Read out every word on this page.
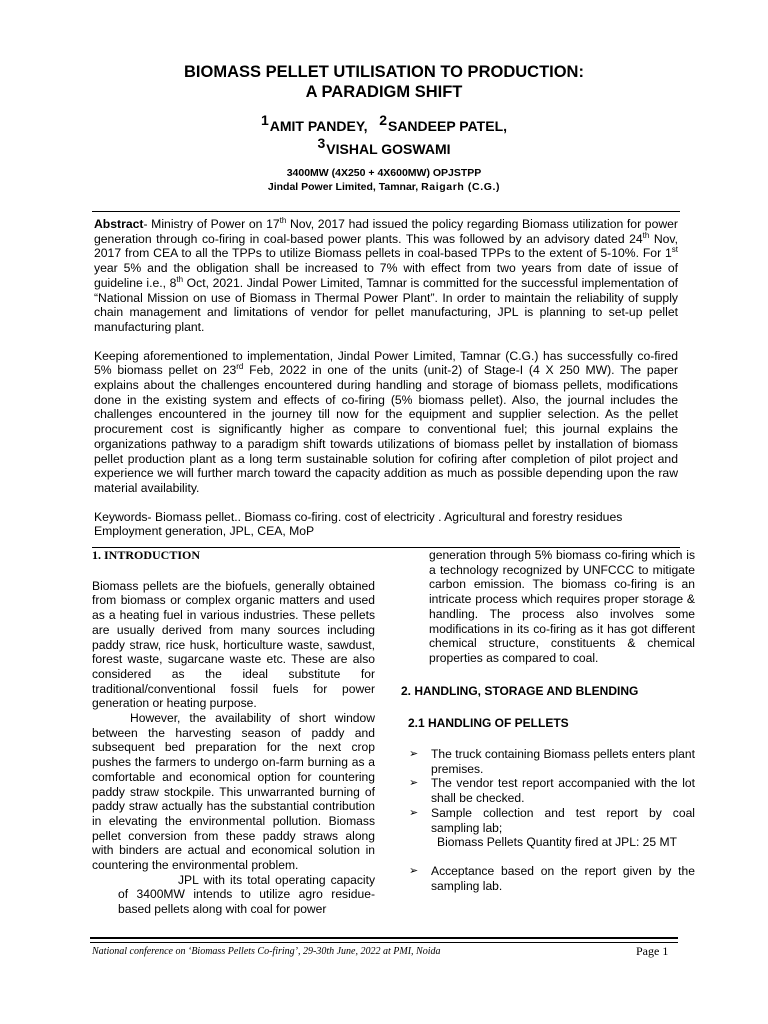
BIOMASS PELLET UTILISATION TO PRODUCTION:
A PARADIGM SHIFT
$^1$AMIT PANDEY, $^2$SANDEEP PATEL,
$^3$VISHAL GOSWAMI
3400MW (4X250 + 4X600MW) OPJSTPP
Jindal Power Limited, Tamnar, Raigarh (C.G.)

Abstract- Ministry of Power on 17th Nov, 2017 had issued the policy regarding Biomass utilization for power generation through co-firing in coal-based power plants. This was followed by an advisory dated 24th Nov, 2017 from CEA to all the TPPs to utilize Biomass pellets in coal-based TPPs to the extent of 5-10%. For 1st year 5% and the obligation shall be increased to 7% with effect from two years from date of issue of guideline i.e., 8th Oct, 2021. Jindal Power Limited, Tamnar is committed for the successful implementation of “National Mission on use of Biomass in Thermal Power Plant”. In order to maintain the reliability of supply chain management and limitations of vendor for pellet manufacturing, JPL is planning to set-up pellet manufacturing plant.

Keeping aforementioned to implementation, Jindal Power Limited, Tamnar (C.G.) has successfully co-fired 5% biomass pellet on 23rd Feb, 2022 in one of the units (unit-2) of Stage-I (4 X 250 MW). The paper explains about the challenges encountered during handling and storage of biomass pellets, modifications done in the existing system and effects of co-firing (5% biomass pellet). Also, the journal includes the challenges encountered in the journey till now for the equipment and supplier selection. As the pellet procurement cost is significantly higher as compare to conventional fuel; this journal explains the organizations pathway to a paradigm shift towards utilizations of biomass pellet by installation of biomass pellet production plant as a long term sustainable solution for cofiring after completion of pilot project and experience we will further march toward the capacity addition as much as possible depending upon the raw material availability.

Keywords- Biomass pellet.. Biomass co-firing. cost of electricity . Agricultural and forestry residues
Employment generation, JPL, CEA, MoP
1. INTRODUCTION

Biomass pellets are the biofuels, generally obtained from biomass or complex organic matters and used as a heating fuel in various industries. These pellets are usually derived from many sources including paddy straw, rice husk, horticulture waste, sawdust, forest waste, sugarcane waste etc. These are also considered as the ideal substitute for traditional/conventional fossil fuels for power generation or heating purpose.

However, the availability of short window between the harvesting season of paddy and subsequent bed preparation for the next crop pushes the farmers to undergo on-farm burning as a comfortable and economical option for countering paddy straw stockpile. This unwarranted burning of paddy straw actually has the substantial contribution in elevating the environmental pollution. Biomass pellet conversion from these paddy straws along with binders are actual and economical solution in countering the environmental problem.

JPL with its total operating capacity of 3400MW intends to utilize agro residue-based pellets along with coal for power

generation through 5% biomass co-firing which is a technology recognized by UNFCCC to mitigate carbon emission. The biomass co-firing is an intricate process which requires proper storage & handling. The process also involves some modifications in its co-firing as it has got different chemical structure, constituents & chemical properties as compared to coal.

2. HANDLING, STORAGE AND BLENDING
2.1 HANDLING OF PELLETS
➢ The truck containing Biomass pellets enters plant premises.
➢ The vendor test report accompanied with the lot shall be checked.
➢ Sample collection and test report by coal sampling lab;
Biomass Pellets Quantity fired at JPL: 25 MT
➢ Acceptance based on the report given by the sampling lab.
National conference on ‘Biomass Pellets Co-firing’, 29-30th June, 2022 at PMI, Noida	Page 1
